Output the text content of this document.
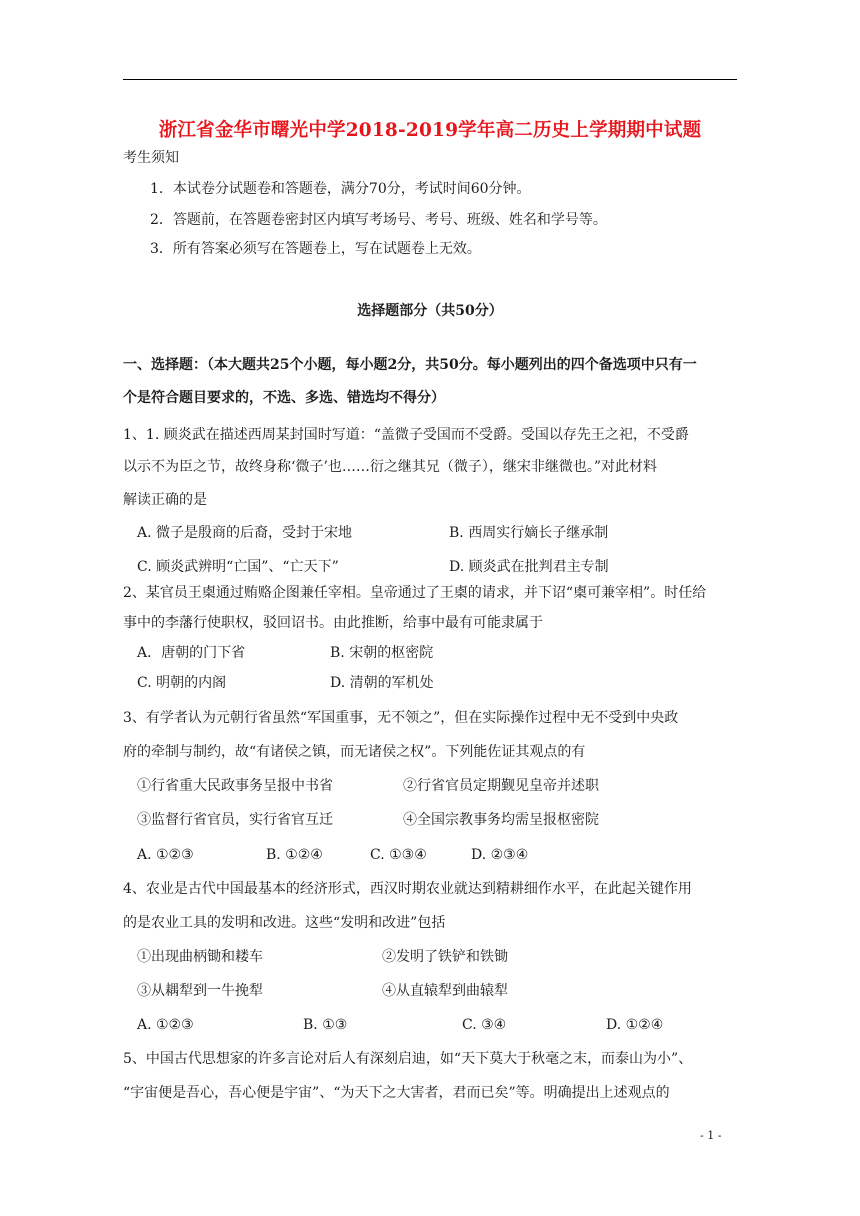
浙江省金华市曙光中学2018-2019学年高二历史上学期期中试题
考生须知
1．本试卷分试题卷和答题卷，满分70分，考试时间60分钟。
2．答题前，在答题卷密封区内填写考场号、考号、班级、姓名和学号等。
3．所有答案必须写在答题卷上，写在试题卷上无效。
选择题部分（共50分）
一、选择题：（本大题共25个小题，每小题2分，共50分。每小题列出的四个备选项中只有一
个是符合题目要求的，不选、多选、错选均不得分）
1、1. 顾炎武在描述西周某封国时写道：“盖微子受国而不受爵。受国以存先王之祀，不受爵
以示不为臣之节，故终身称‘微子’也……衍之继其兄（微子），继宋非继微也。”对此材料
解读正确的是
A. 微子是殷商的后裔，受封于宋地	B. 西周实行嫡长子继承制
C. 顾炎武辨明“亡国”、“亡天下”	D. 顾炎武在批判君主专制
2、某官员王㮚通过贿赂企图兼任宰相。皇帝通过了王㮚的请求，并下诏“㮚可兼宰相”。时任给
事中的李藩行使职权，驳回诏书。由此推断，给事中最有可能隶属于
A．唐朝的门下省	B. 宋朝的枢密院
C. 明朝的内阁	D. 清朝的军机处
3、有学者认为元朝行省虽然“军国重事，无不领之”，但在实际操作过程中无不受到中央政
府的牵制与制约，故“有诸侯之镇，而无诸侯之权”。下列能佐证其观点的有
①行省重大民政事务呈报中书省	②行省官员定期觐见皇帝并述职
③监督行省官员，实行省官互迁	④全国宗教事务均需呈报枢密院
A. ①②③	B. ①②④	C. ①③④	D. ②③④
4、农业是古代中国最基本的经济形式，西汉时期农业就达到精耕细作水平，在此起关键作用
的是农业工具的发明和改进。这些“发明和改进”包括
①出现曲柄锄和耧车	②发明了铁铲和铁锄
③从耦犁到一牛挽犁	④从直辕犁到曲辕犁
A. ①②③	B. ①③	C. ③④	D. ①②④
5、中国古代思想家的许多言论对后人有深刻启迪，如“天下莫大于秋毫之末，而泰山为小”、
“宇宙便是吾心，吾心便是宇宙”、“为天下之大害者，君而已矣”等。明确提出上述观点的
- 1 -
